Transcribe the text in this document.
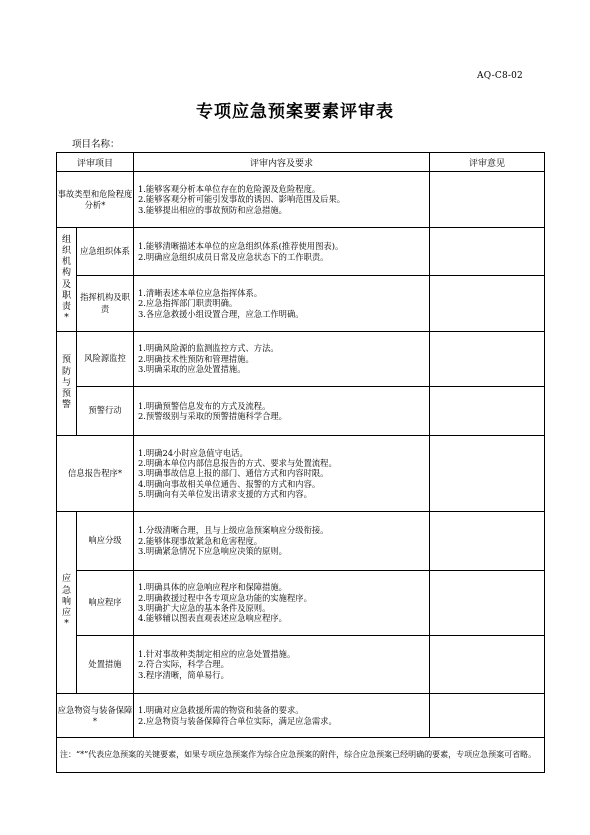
AQ-C8-02
专项应急预案要素评审表
项目名称：
评审项目		评审内容及要求	评审意见
事故类型和危险程度分析*		1.能够客观分析本单位存在的危险源及危险程度。
2.能够客观分析可能引发事故的诱因、影响范围及后果。
3.能够提出相应的事故预防和应急措施。	

组织机构及职责*	应急组织体系	1.能够清晰描述本单位的应急组织体系(推荐使用图表)。
2.明确应急组织成员日常及应急状态下的工作职责。	

	指挥机构及职责	1.清晰表述本单位应急指挥体系。
2.应急指挥部门职责明确。
3.各应急救援小组设置合理，应急工作明确。	

预防与预警	风险源监控	1.明确风险源的监测监控方式、方法。
2.明确技术性预防和管理措施。
3.明确采取的应急处置措施。	

	预警行动	1.明确预警信息发布的方式及流程。
2.预警级别与采取的预警措施科学合理。	

信息报告程序*		1.明确24小时应急值守电话。
2.明确本单位内部信息报告的方式、要求与处置流程。
3.明确事故信息上报的部门、通信方式和内容时限。
4.明确向事故相关单位通告、报警的方式和内容。
5.明确向有关单位发出请求支援的方式和内容。	

应急响应*	响应分级	1.分级清晰合理，且与上级应急预案响应分级衔接。
2.能够体现事故紧急和危害程度。
3.明确紧急情况下应急响应决策的原则。	

	响应程序	1.明确具体的应急响应程序和保障措施。
2.明确救援过程中各专项应急功能的实施程序。
3.明确扩大应急的基本条件及原则。
4.能够辅以图表直观表述应急响应程序。	

	处置措施	1.针对事故种类制定相应的应急处置措施。
2.符合实际，科学合理。
3.程序清晰，简单易行。	

应急物资与装备保障*		1.明确对应急救援所需的物资和装备的要求。
2.应急物资与装备保障符合单位实际，满足应急需求。	

注：“*”代表应急预案的关键要素，如果专项应急预案作为综合应急预案的附件，综合应急预案已经明确的要素，专项应急预案可省略。			
